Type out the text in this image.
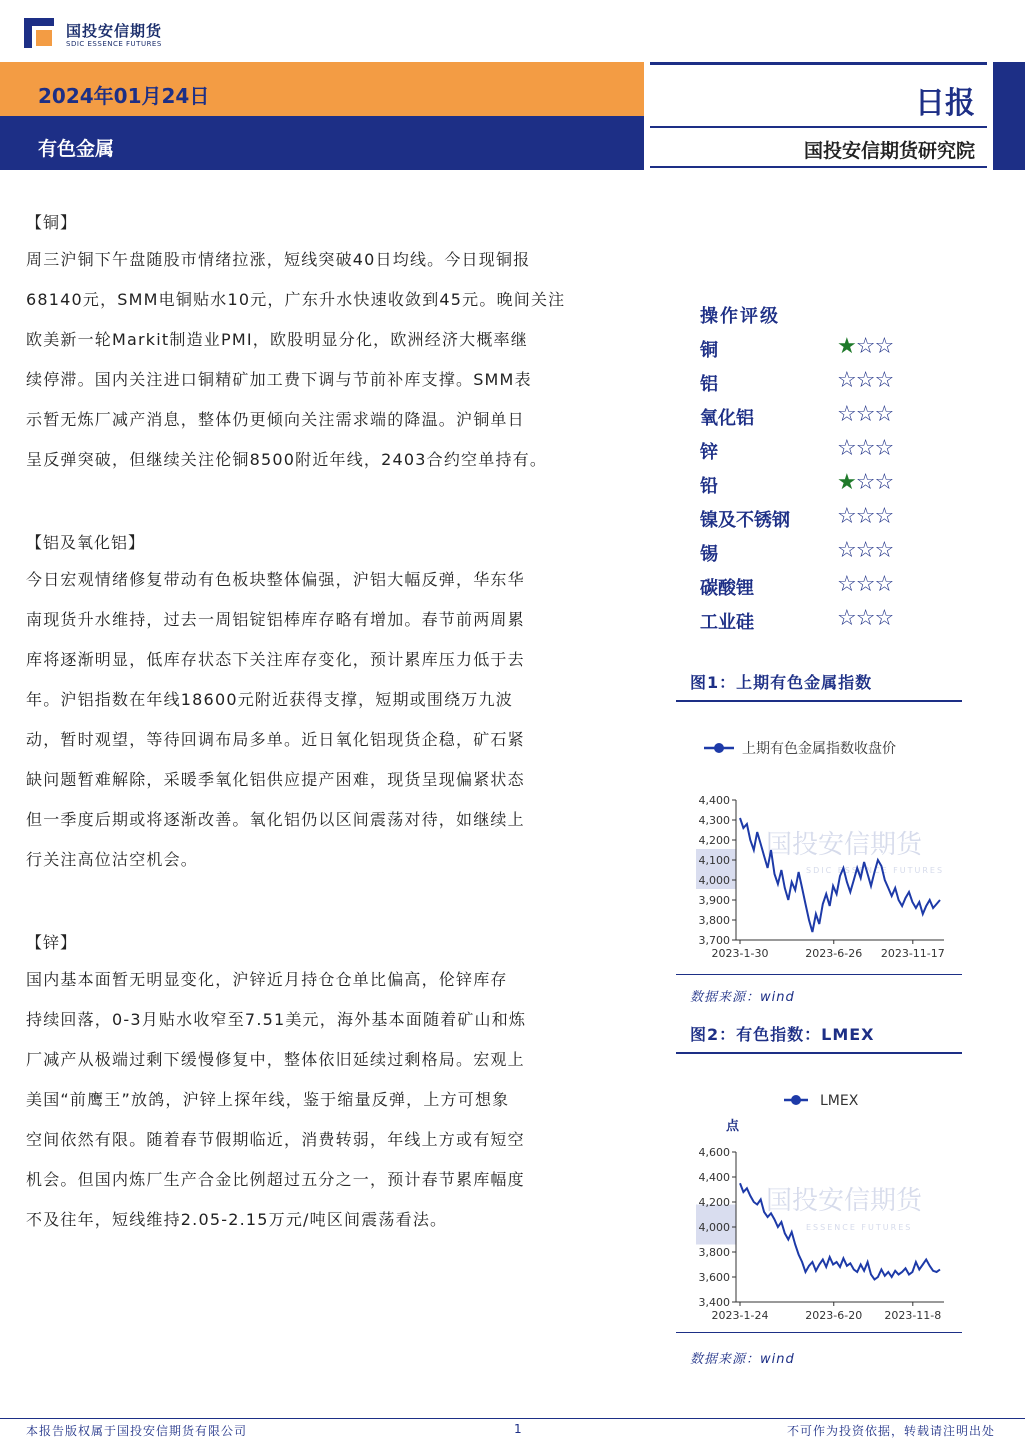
国投安信期货
SDIC ESSENCE FUTURES
2024年01月24日
有色金属
日报
国投安信期货研究院
【铜】
周三沪铜下午盘随股市情绪拉涨，短线突破40日均线。今日现铜报
68140元，SMM电铜贴水10元，广东升水快速收敛到45元。晚间关注
欧美新一轮Markit制造业PMI，欧股明显分化，欧洲经济大概率继
续停滞。国内关注进口铜精矿加工费下调与节前补库支撑。SMM表
示暂无炼厂减产消息，整体仍更倾向关注需求端的降温。沪铜单日
呈反弹突破，但继续关注伦铜8500附近年线，2403合约空单持有。
【铝及氧化铝】
今日宏观情绪修复带动有色板块整体偏强，沪铝大幅反弹，华东华
南现货升水维持，过去一周铝锭铝棒库存略有增加。春节前两周累
库将逐渐明显，低库存状态下关注库存变化，预计累库压力低于去
年。沪铝指数在年线18600元附近获得支撑，短期或围绕万九波
动，暂时观望，等待回调布局多单。近日氧化铝现货企稳，矿石紧
缺问题暂难解除，采暖季氧化铝供应提产困难，现货呈现偏紧状态
但一季度后期或将逐渐改善。氧化铝仍以区间震荡对待，如继续上
行关注高位沽空机会。
【锌】
国内基本面暂无明显变化，沪锌近月持仓仓单比偏高，伦锌库存
持续回落，0-3月贴水收窄至7.51美元，海外基本面随着矿山和炼
厂减产从极端过剩下缓慢修复中，整体依旧延续过剩格局。宏观上
美国“前鹰王”放鸽，沪锌上探年线，鉴于缩量反弹，上方可想象
空间依然有限。随着春节假期临近，消费转弱，年线上方或有短空
机会。但国内炼厂生产合金比例超过五分之一，预计春节累库幅度
不及往年，短线维持2.05-2.15万元/吨区间震荡看法。
操作评级
铜	★☆☆
铝	☆☆☆
氧化铝	☆☆☆
锌	☆☆☆
铅	★☆☆
镍及不锈钢 ☆☆☆
锡	☆☆☆
碳酸锂	☆☆☆
工业硅	☆☆☆
图1：上期有色金属指数
上期有色金属指数收盘价
国投安信期货
SDIC ESSENCE FUTURES
3,700
3,800
3,900
4,000
4,100
4,200
4,300
4,400
2023-1-30	2023-6-26 2023-11-17
数据来源：wind
图2：有色指数：LMEX
LMEX
点
国投安信期货
ESSENCE FUTURES
3,400
3,600
3,800
4,000
4,200
4,400
4,600
2023-1-24	2023-6-20 2023-11-8
数据来源：wind
本报告版权属于国投安信期货有限公司	1	不可作为投资依据，转载请注明出处
